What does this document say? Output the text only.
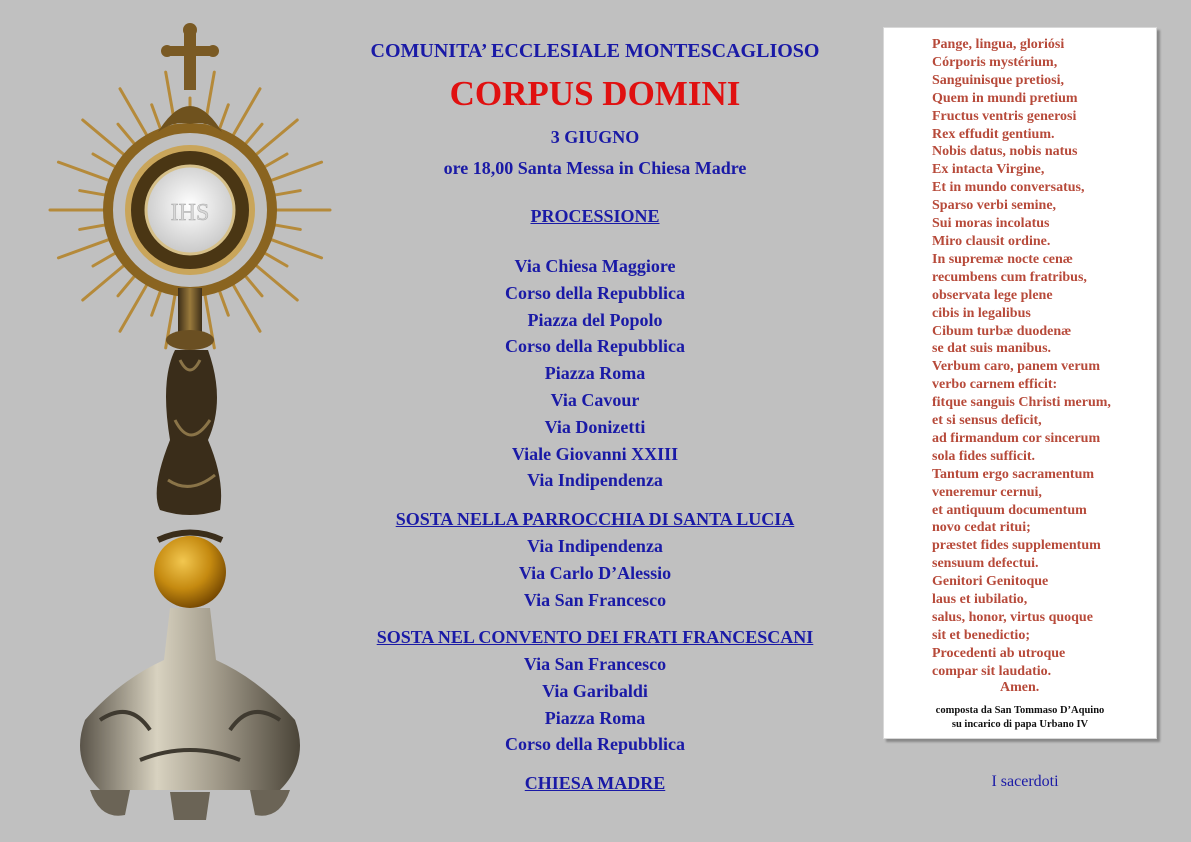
IHS
COMUNITA’ ECCLESIALE MONTESCAGLIOSO
CORPUS DOMINI
3 GIUGNO
ore 18,00 Santa Messa in Chiesa Madre
PROCESSIONE
Via Chiesa Maggiore
Corso della Repubblica
Piazza del Popolo
Corso della Repubblica
Piazza Roma
Via Cavour
Via Donizetti
Viale Giovanni XXIII
Via Indipendenza
SOSTA NELLA PARROCCHIA DI SANTA LUCIA
Via Indipendenza
Via Carlo D’Alessio
Via San Francesco
SOSTA NEL CONVENTO DEI FRATI FRANCESCANI
Via San Francesco
Via Garibaldi
Piazza Roma
Corso della Repubblica
CHIESA MADRE
Pange, lingua, gloriósi
Córporis mystérium,
Sanguinisque pretiosi,
Quem in mundi pretium
Fructus ventris generosi
Rex effudit gentium.
Nobis datus, nobis natus
Ex intacta Virgine,
Et in mundo conversatus,
Sparso verbi semine,
Sui moras incolatus
Miro clausit ordine.
In supremæ nocte cenæ
recumbens cum fratribus,
observata lege plene
cibis in legalibus
Cibum turbæ duodenæ
se dat suis manibus.
Verbum caro, panem verum
verbo carnem efficit:
fitque sanguis Christi merum,
et si sensus deficit,
ad firmandum cor sincerum
sola fides sufficit.
Tantum ergo sacramentum
veneremur cernui,
et antiquum documentum
novo cedat ritui;
præstet fides supplementum
sensuum defectui.
Genitori Genitoque
laus et iubilatio,
salus, honor, virtus quoque
sit et benedictio;
Procedenti ab utroque
compar sit laudatio.
Amen.
composta da San Tommaso D’Aquino
su incarico di papa Urbano IV
I sacerdoti
